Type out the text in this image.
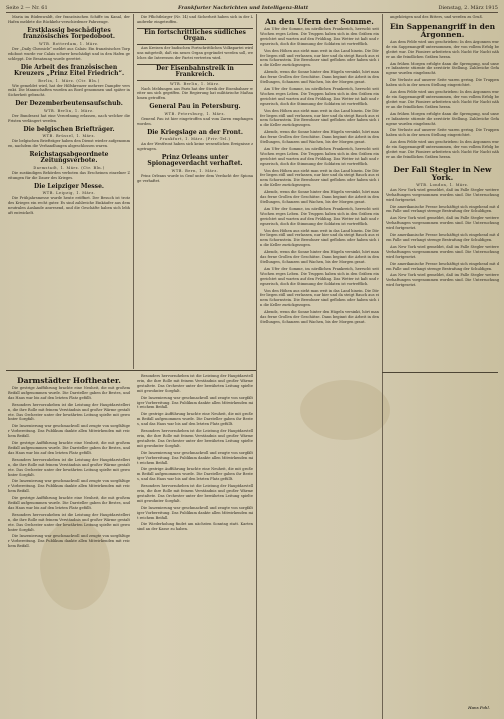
Seite 2 — Nr. 61	Frankfurter Nachrichten und Intelligenz-Blatt	Dienstag, 2. März 1915

Maria im Rüdenwaldt, der französischen Schiffe im Kanal, der Hafen meldete die Rückkehr verschiedener Fahrzeuge.

Erstklassig beschädigtes französisches Torpedoboot.
WTB. Rotterdam, 1. März.

Der „Daily Chronicle“ meldet aus Calais: Ein französisches Torpedoboot wurde vor Calais schwer beschädigt und in den Hafen geschleppt. Die Besatzung wurde gerettet.

Die Arbeit des französischen Kreuzers „Prinz Eitel Friedrich“.
Berlin, 1. März. (Ctr. Bln.)

Wie gemeldet wird, hat der Hilfskreuzer mehrere Dampfer versenkt. Die Mannschaften wurden an Bord genommen und später in Sicherheit gebracht.

Der Dezemberbeutensaufschub.
WTB. Berlin, 1. März.

Der Bundesrat hat eine Verordnung erlassen, nach welcher die Fristen verlängert werden.

Die belgischen Briefträger.
WTB. Brüssel, 1. März.

Die belgischen Briefträger haben den Dienst wieder aufgenommen, nachdem die Verhandlungen abgeschlossen waren.

Reichstagsabgeordnete Zeitungsverbote.
Darmstadt, 1. März. (Ctr. Bln.)

Die zuständigen Behörden verboten das Erscheinen einzelner Zeitungen für die Dauer des Krieges.

Die Leipziger Messe.
WTB. Leipzig, 1. März.

Die Frühjahrsmesse wurde heute eröffnet. Der Besuch ist trotz des Krieges ein recht guter. Es sind zahlreiche Einkäufer aus dem neutralen Auslande anwesend, und die Geschäfte haben sich lebhaft entwickelt.

Die Pflichtbürger (Nr. 14) und Sicherheit haben sich in der Landwehr eingetroffen.

Ein fortschrittliches südliches Organ.

Aus Kreisen der badischen Fortschrittlichen Volkspartei wird uns mitgeteilt, daß ein neues Organ gegründet werden soll, welches die Interessen der Partei vertreten wird.

Der Eisenbahnstreik in Frankreich.
WTB. Berlin, 1. März.

Nach Meldungen aus Paris hat der Streik der Eisenbahner weiter um sich gegriffen. Die Regierung hat militärische Maßnahmen getroffen.

General Pau in Petersburg.
WTB. Petersburg, 1. März.

General Pau ist hier eingetroffen und vom Zaren empfangen worden.

Die Kriegslage an der Front.
Frankfurt, 1. März. (Priv.-Tel.)

An der Westfront haben sich keine wesentlichen Ereignisse zugetragen.

Prinz Orleans unter Spionageverdacht verhaftet.
WTB. Bern, 1. März.

Prinz Orleans wurde in Genf unter dem Verdacht der Spionage verhaftet.

An den Ufern der Somme.

Am Ufer der Somme, im nördlichen Frankreich, herrscht seit Wochen reges Leben. Die Truppen haben sich in den Gräben eingerichtet und warten auf den Frühling. Das Wetter ist kalt und regnerisch, doch die Stimmung der Soldaten ist vortrefflich.

Von den Höhen aus sieht man weit in das Land hinein. Die Dörfer liegen still und verlassen, nur hier und da steigt Rauch aus einem Schornstein. Die Bewohner sind geflohen oder haben sich in die Keller zurückgezogen.

Abends, wenn die Sonne hinter den Hügeln versinkt, hört man das ferne Grollen der Geschütze. Dann beginnt die Arbeit in den Stellungen, Schanzen und Wachen, bis der Morgen graut.

Am Ufer der Somme, im nördlichen Frankreich, herrscht seit Wochen reges Leben. Die Truppen haben sich in den Gräben eingerichtet und warten auf den Frühling. Das Wetter ist kalt und regnerisch, doch die Stimmung der Soldaten ist vortrefflich.

Von den Höhen aus sieht man weit in das Land hinein. Die Dörfer liegen still und verlassen, nur hier und da steigt Rauch aus einem Schornstein. Die Bewohner sind geflohen oder haben sich in die Keller zurückgezogen.

Abends, wenn die Sonne hinter den Hügeln versinkt, hört man das ferne Grollen der Geschütze. Dann beginnt die Arbeit in den Stellungen, Schanzen und Wachen, bis der Morgen graut.

Am Ufer der Somme, im nördlichen Frankreich, herrscht seit Wochen reges Leben. Die Truppen haben sich in den Gräben eingerichtet und warten auf den Frühling. Das Wetter ist kalt und regnerisch, doch die Stimmung der Soldaten ist vortrefflich.

Von den Höhen aus sieht man weit in das Land hinein. Die Dörfer liegen still und verlassen, nur hier und da steigt Rauch aus einem Schornstein. Die Bewohner sind geflohen oder haben sich in die Keller zurückgezogen.

Abends, wenn die Sonne hinter den Hügeln versinkt, hört man das ferne Grollen der Geschütze. Dann beginnt die Arbeit in den Stellungen, Schanzen und Wachen, bis der Morgen graut.

Am Ufer der Somme, im nördlichen Frankreich, herrscht seit Wochen reges Leben. Die Truppen haben sich in den Gräben eingerichtet und warten auf den Frühling. Das Wetter ist kalt und regnerisch, doch die Stimmung der Soldaten ist vortrefflich.

Von den Höhen aus sieht man weit in das Land hinein. Die Dörfer liegen still und verlassen, nur hier und da steigt Rauch aus einem Schornstein. Die Bewohner sind geflohen oder haben sich in die Keller zurückgezogen.

Abends, wenn die Sonne hinter den Hügeln versinkt, hört man das ferne Grollen der Geschütze. Dann beginnt die Arbeit in den Stellungen, Schanzen und Wachen, bis der Morgen graut.

Am Ufer der Somme, im nördlichen Frankreich, herrscht seit Wochen reges Leben. Die Truppen haben sich in den Gräben eingerichtet und warten auf den Frühling. Das Wetter ist kalt und regnerisch, doch die Stimmung der Soldaten ist vortrefflich.

Von den Höhen aus sieht man weit in das Land hinein. Die Dörfer liegen still und verlassen, nur hier und da steigt Rauch aus einem Schornstein. Die Bewohner sind geflohen oder haben sich in die Keller zurückgezogen.

Abends, wenn die Sonne hinter den Hügeln versinkt, hört man das ferne Grollen der Geschütze. Dann beginnt die Arbeit in den Stellungen, Schanzen und Wachen, bis der Morgen graut.

angehörigen und des Ritters, und werden zu Gruß.

Ein Sappenangriff in den Argonnen.

Aus dem Felde wird uns geschrieben: In den Argonnen wurde ein Sappenangriff unternommen, der von vollem Erfolg begleitet war. Die Pioniere arbeiteten sich Nacht für Nacht näher an die feindlichen Gräben heran.

Am frühen Morgen erfolgte dann die Sprengung, und unsere Infanterie stürmte die zerstörte Stellung. Zahlreiche Gefangene wurden eingebracht.

Die Verluste auf unserer Seite waren gering. Die Truppen haben sich in der neuen Stellung eingerichtet.

Aus dem Felde wird uns geschrieben: In den Argonnen wurde ein Sappenangriff unternommen, der von vollem Erfolg begleitet war. Die Pioniere arbeiteten sich Nacht für Nacht näher an die feindlichen Gräben heran.

Am frühen Morgen erfolgte dann die Sprengung, und unsere Infanterie stürmte die zerstörte Stellung. Zahlreiche Gefangene wurden eingebracht.

Die Verluste auf unserer Seite waren gering. Die Truppen haben sich in der neuen Stellung eingerichtet.

Aus dem Felde wird uns geschrieben: In den Argonnen wurde ein Sappenangriff unternommen, der von vollem Erfolg begleitet war. Die Pioniere arbeiteten sich Nacht für Nacht näher an die feindlichen Gräben heran.

Der Fall Stegler in New York.
WTB. London, 1. März.

Aus New York wird gemeldet, daß im Falle Stegler weitere Verhaftungen vorgenommen worden sind. Die Untersuchung wird fortgesetzt.

Die amerikanische Presse beschäftigt sich eingehend mit dem Falle und verlangt strenge Bestrafung der Schuldigen.

Aus New York wird gemeldet, daß im Falle Stegler weitere Verhaftungen vorgenommen worden sind. Die Untersuchung wird fortgesetzt.

Die amerikanische Presse beschäftigt sich eingehend mit dem Falle und verlangt strenge Bestrafung der Schuldigen.

Aus New York wird gemeldet, daß im Falle Stegler weitere Verhaftungen vorgenommen worden sind. Die Untersuchung wird fortgesetzt.

Die amerikanische Presse beschäftigt sich eingehend mit dem Falle und verlangt strenge Bestrafung der Schuldigen.

Aus New York wird gemeldet, daß im Falle Stegler weitere Verhaftungen vorgenommen worden sind. Die Untersuchung wird fortgesetzt.

Darmstädter Hoftheater.

Die gestrige Aufführung brachte eine Neuheit, die mit großem Beifall aufgenommen wurde. Die Darsteller gaben ihr Bestes, und das Haus war bis auf den letzten Platz gefüllt.

Besonders hervorzuheben ist die Leistung der Hauptdarstellerin, die ihre Rolle mit feinem Verständnis und großer Wärme gestaltete. Das Orchester unter der bewährten Leitung spielte mit gewohnter Sorgfalt.

Die Inszenierung war geschmackvoll und zeugte von sorgfältiger Vorbereitung. Das Publikum dankte allen Mitwirkenden mit reichem Beifall.

Die gestrige Aufführung brachte eine Neuheit, die mit großem Beifall aufgenommen wurde. Die Darsteller gaben ihr Bestes, und das Haus war bis auf den letzten Platz gefüllt.

Besonders hervorzuheben ist die Leistung der Hauptdarstellerin, die ihre Rolle mit feinem Verständnis und großer Wärme gestaltete. Das Orchester unter der bewährten Leitung spielte mit gewohnter Sorgfalt.

Die Inszenierung war geschmackvoll und zeugte von sorgfältiger Vorbereitung. Das Publikum dankte allen Mitwirkenden mit reichem Beifall.

Die gestrige Aufführung brachte eine Neuheit, die mit großem Beifall aufgenommen wurde. Die Darsteller gaben ihr Bestes, und das Haus war bis auf den letzten Platz gefüllt.

Besonders hervorzuheben ist die Leistung der Hauptdarstellerin, die ihre Rolle mit feinem Verständnis und großer Wärme gestaltete. Das Orchester unter der bewährten Leitung spielte mit gewohnter Sorgfalt.

Die Inszenierung war geschmackvoll und zeugte von sorgfältiger Vorbereitung. Das Publikum dankte allen Mitwirkenden mit reichem Beifall.

Besonders hervorzuheben ist die Leistung der Hauptdarstellerin, die ihre Rolle mit feinem Verständnis und großer Wärme gestaltete. Das Orchester unter der bewährten Leitung spielte mit gewohnter Sorgfalt.

Die Inszenierung war geschmackvoll und zeugte von sorgfältiger Vorbereitung. Das Publikum dankte allen Mitwirkenden mit reichem Beifall.

Die gestrige Aufführung brachte eine Neuheit, die mit großem Beifall aufgenommen wurde. Die Darsteller gaben ihr Bestes, und das Haus war bis auf den letzten Platz gefüllt.

Besonders hervorzuheben ist die Leistung der Hauptdarstellerin, die ihre Rolle mit feinem Verständnis und großer Wärme gestaltete. Das Orchester unter der bewährten Leitung spielte mit gewohnter Sorgfalt.

Die Inszenierung war geschmackvoll und zeugte von sorgfältiger Vorbereitung. Das Publikum dankte allen Mitwirkenden mit reichem Beifall.

Die gestrige Aufführung brachte eine Neuheit, die mit großem Beifall aufgenommen wurde. Die Darsteller gaben ihr Bestes, und das Haus war bis auf den letzten Platz gefüllt.

Besonders hervorzuheben ist die Leistung der Hauptdarstellerin, die ihre Rolle mit feinem Verständnis und großer Wärme gestaltete. Das Orchester unter der bewährten Leitung spielte mit gewohnter Sorgfalt.

Die Inszenierung war geschmackvoll und zeugte von sorgfältiger Vorbereitung. Das Publikum dankte allen Mitwirkenden mit reichem Beifall.

Die Wiederholung findet am nächsten Sonntag statt. Karten sind an der Kasse zu haben.

Hans Pohl.
